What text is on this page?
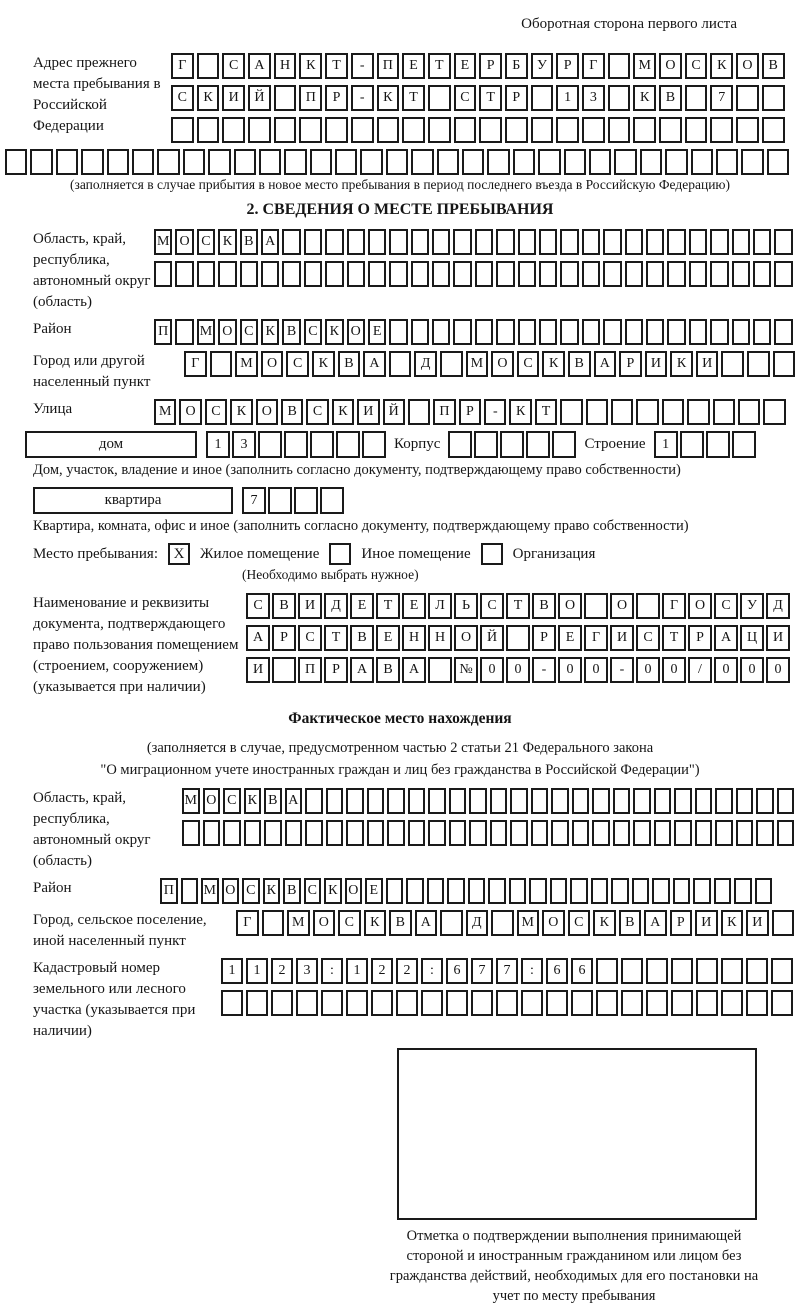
Оборотная сторона первого листа
Адрес прежнего места пребывания в Российской Федерации
Г	С	А	Н	К	Т	-	П	Е	Т	Е	Р	Б	У	Р	Г	М	О	С	К	О	В
С	К	И	Й	П	Р	-	К	Т	С	Т	Р	1	3	К	В	7
(заполняется в случае прибытия в новое место пребывания в период последнего въезда в Российскую Федерацию)
2. СВЕДЕНИЯ О МЕСТЕ ПРЕБЫВАНИЯ
Область, край, республика, автономный округ (область)
М О С К В А
Район	П М О С К В С К О Е
Город или другой населенный пункт
Г	М	О	С	К	В	А	Д	М	О	С	К	В	А	Р	И	К	И
Улица	М	О	С	К	О	В	С	К	И	Й	П	Р	-	К	Т
дом	1	3	Корпус	Строение	1
Дом, участок, владение и иное (заполнить согласно документу, подтверждающему право собственности)
квартира	7
Квартира, комната, офис и иное (заполнить согласно документу, подтверждающему право собственности)
Место пребывания:	X	Жилое помещение	Иное помещение	Организация
(Необходимо выбрать нужное)
Наименование и реквизиты документа, подтверждающего право пользования помещением (строением, сооружением) (указывается при наличии)
С	В	И	Д	Е	Т	Е	Л	Ь	С	Т	В	О	О	Г	О	С	У	Д
А	Р	С	Т	В	Е	Н	Н	О	Й	Р	Е	Г	И	С	Т	Р	А	Ц	И
И	П	Р	А	В	А	№	0	0	-	0	0	-	0	0	/	0	0	0
Фактическое место нахождения
(заполняется в случае, предусмотренном частью 2 статьи 21 Федерального закона
"О миграционном учете иностранных граждан и лиц без гражданства в Российской Федерации")
Область, край, республика, автономный округ (область)
М О С К В А
Район	П М О С К В С К О Е
Город, сельское поселение, иной населенный пункт
Г	М	О	С	К	В	А	Д	М	О	С	К	В	А	Р	И	К	И
Кадастровый номер земельного или лесного участка (указывается при наличии)
1	1	2	3	:	1	2	2	:	6	7	7	:	6	6
Отметка о подтверждении выполнения принимающей стороной и иностранным гражданином или лицом без гражданства действий, необходимых для его постановки на учет по месту пребывания
